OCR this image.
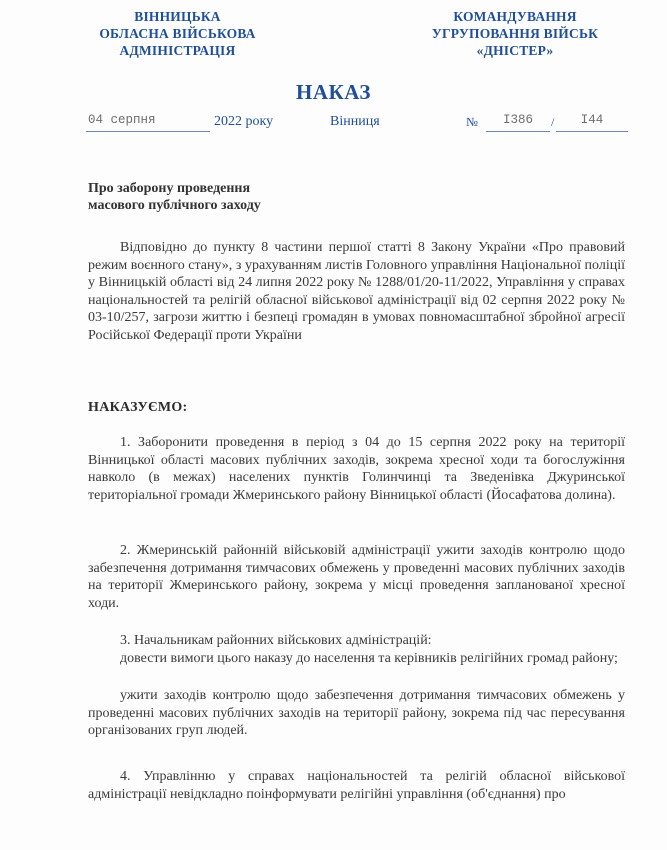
ВІННИЦЬКА
ОБЛАСНА ВІЙСЬКОВА
АДМІНІСТРАЦІЯ
КОМАНДУВАННЯ
УГРУПОВАННЯ ВІЙСЬК
«ДНІСТЕР»
НАКАЗ
04 серпня	2022 року	Вінниця	№	I386	/	I44
Про заборону проведення
масового публічного заходу

Відповідно до пункту 8 частини першої статті 8 Закону України «Про правовий режим воєнного стану», з урахуванням листів Головного управління Національної поліції у Вінницькій області від 24 липня 2022 року № 1288/01/20-11/2022, Управління у справах національностей та релігій обласної військової адміністрації від 02 серпня 2022 року № 03-10/257, загрози життю і безпеці громадян в умовах повномасштабної збройної агресії Російської Федерації проти України

НАКАЗУЄМО:

1. Заборонити проведення в період з 04 до 15 серпня 2022 року на території Вінницької області масових публічних заходів, зокрема хресної ходи та богослужіння навколо (в межах) населених пунктів Голинчинці та Зведенівка Джуринської територіальної громади Жмеринського району Вінницької області (Йосафатова долина).

2. Жмеринській районній військовій адміністрації ужити заходів контролю щодо забезпечення дотримання тимчасових обмежень у проведенні масових публічних заходів на території Жмеринського району, зокрема у місці проведення запланованої хресної ходи.

3. Начальникам районних військових адміністрацій:

довести вимоги цього наказу до населення та керівників релігійних громад району;

ужити заходів контролю щодо забезпечення дотримання тимчасових обмежень у проведенні масових публічних заходів на території району, зокрема під час пересування організованих груп людей.

4. Управлінню у справах національностей та релігій обласної військової адміністрації невідкладно поінформувати релігійні управління (об'єднання) про
